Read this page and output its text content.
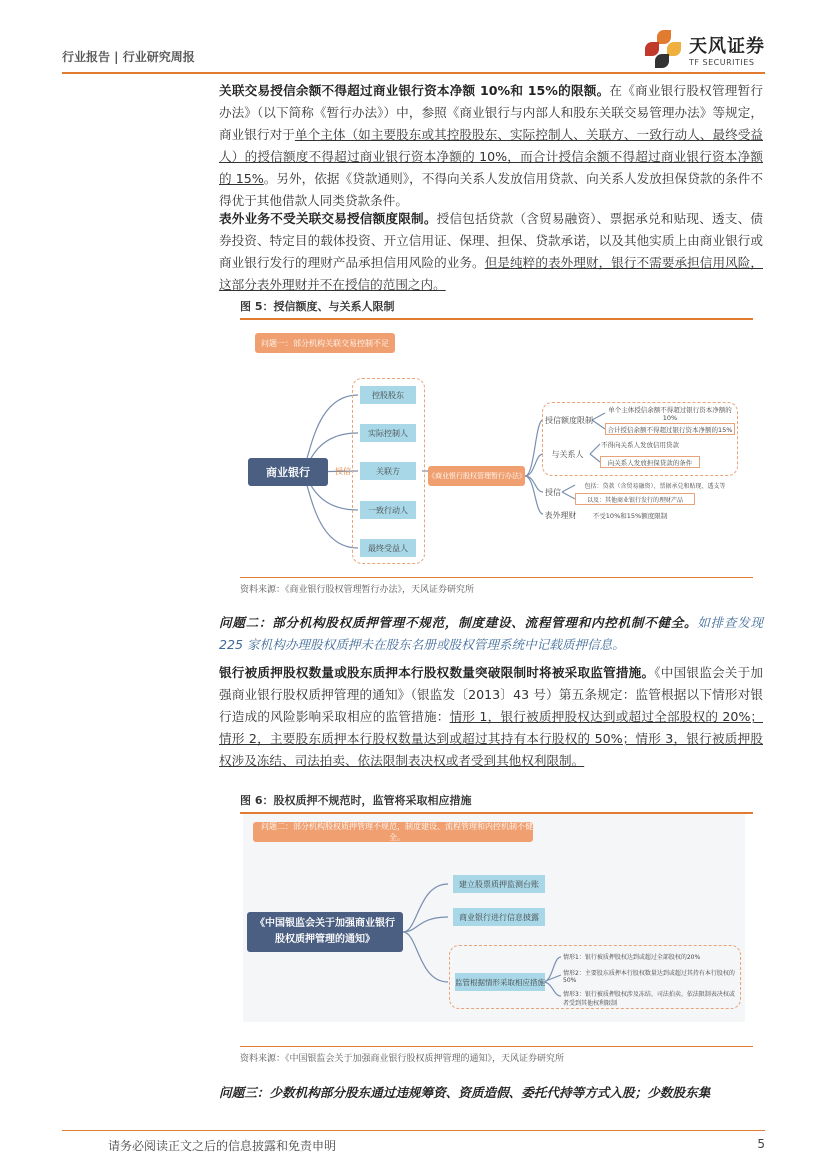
行业报告 | 行业研究周报
天风证券
TF SECURITIES
关联交易授信余额不得超过商业银行资本净额 10%和 15%的限额。在《商业银行股权管理暂行办法》（以下简称《暂行办法》）中，参照《商业银行与内部人和股东关联交易管理办法》等规定，商业银行对于单个主体（如主要股东或其控股股东、实际控制人、关联方、一致行动人、最终受益人）的授信额度不得超过商业银行资本净额的 10%，而合计授信余额不得超过商业银行资本净额的 15%。另外，依据《贷款通则》，不得向关系人发放信用贷款、向关系人发放担保贷款的条件不得优于其他借款人同类贷款条件。
表外业务不受关联交易授信额度限制。授信包括贷款（含贸易融资）、票据承兑和贴现、透支、债券投资、特定目的载体投资、开立信用证、保理、担保、贷款承诺，以及其他实质上由商业银行或商业银行发行的理财产品承担信用风险的业务。但是纯粹的表外理财，银行不需要承担信用风险，这部分表外理财并不在授信的范围之内。
图 5：授信额度、与关系人限制
问题一：部分机构关联交易控制不足
商业银行	授信
控股股东
实际控制人
关联方
一致行动人
最终受益人
《商业银行股权管理暂行办法》
授信额度限制
单个主体授信余额不得超过银行资本净额的10%
合计授信余额不得超过银行资本净额的15%
与关系人
不得向关系人发放信用贷款
向关系人发放担保贷款的条件
授信
包括：贷款（含贸易融资）、票据承兑和贴现、透支等
以及：其他商业银行发行的理财产品
表外理财	不受10%和15%额度限制
资料来源：《商业银行股权管理暂行办法》，天风证券研究所
问题二：部分机构股权质押管理不规范，制度建设、流程管理和内控机制不健全。如排查发现 225 家机构办理股权质押未在股东名册或股权管理系统中记载质押信息。
银行被质押股权数量或股东质押本行股权数量突破限制时将被采取监管措施。《中国银监会关于加强商业银行股权质押管理的通知》（银监发〔2013〕43 号）第五条规定：监管根据以下情形对银行造成的风险影响采取相应的监管措施：情形 1，银行被质押股权达到或超过全部股权的 20%；情形 2，主要股东质押本行股权数量达到或超过其持有本行股权的 50%；情形 3，银行被质押股权涉及冻结、司法拍卖、依法限制表决权或者受到其他权利限制。
图 6：股权质押不规范时，监管将采取相应措施
问题二：部分机构股权质押管理不规范，制度建设、流程管理和内控机制不健全。
《中国银监会关于加强商业银行股权质押管理的通知》
建立股票质押监测台账
商业银行进行信息披露
监管根据情形采取相应措施
情形1：银行被质押股权达到或超过全部股权的20%
情形2：主要股东质押本行股权数量达到或超过其持有本行股权的50%
情形3：银行被质押股权涉及冻结、司法拍卖、依法限制表决权或者受到其他权利限制
资料来源：《中国银监会关于加强商业银行股权质押管理的通知》，天风证券研究所
问题三：少数机构部分股东通过违规筹资、资质造假、委托代持等方式入股；少数股东集
请务必阅读正文之后的信息披露和免责申明	5
